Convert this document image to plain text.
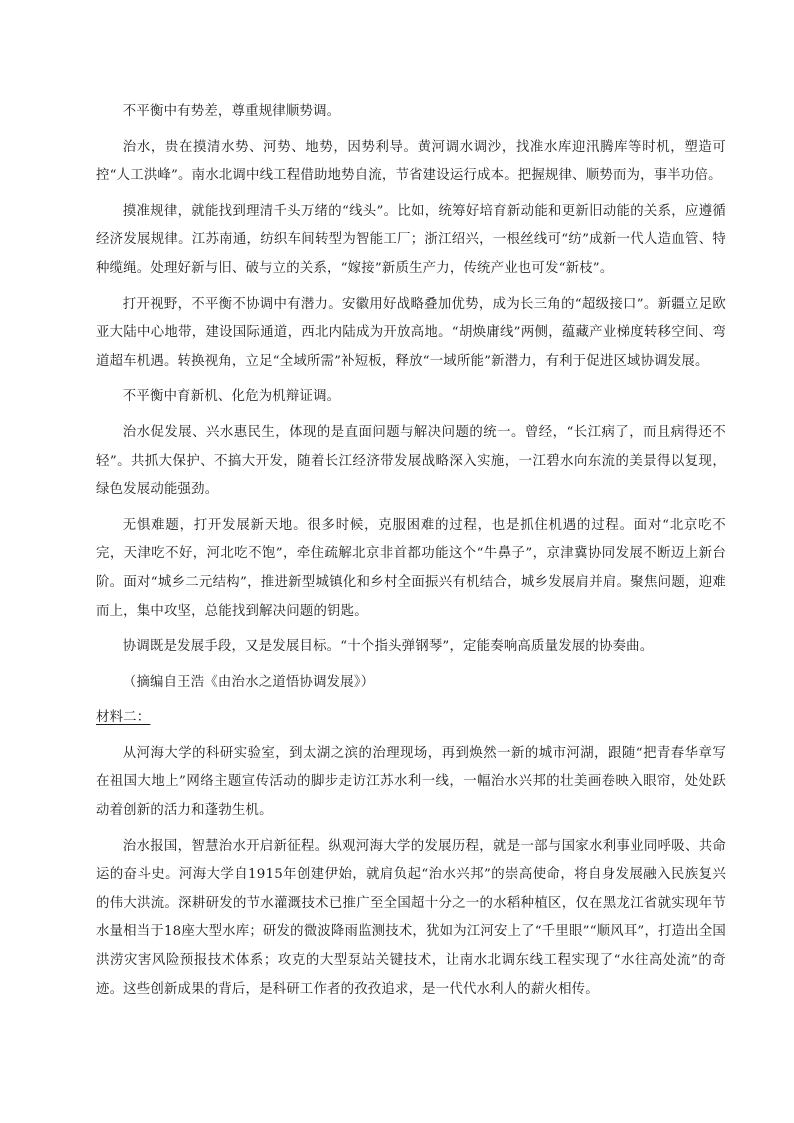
不平衡中有势差，尊重规律顺势调。

治水，贵在摸清水势、河势、地势，因势利导。黄河调水调沙，找准水库迎汛腾库等时机，塑造可控“人工洪峰”。南水北调中线工程借助地势自流，节省建设运行成本。把握规律、顺势而为，事半功倍。

摸准规律，就能找到理清千头万绪的“线头”。比如，统筹好培育新动能和更新旧动能的关系，应遵循经济发展规律。江苏南通，纺织车间转型为智能工厂；浙江绍兴，一根丝线可“纺”成新一代人造血管、特种缆绳。处理好新与旧、破与立的关系，“嫁接”新质生产力，传统产业也可发“新枝”。

打开视野，不平衡不协调中有潜力。安徽用好战略叠加优势，成为长三角的“超级接口”。新疆立足欧亚大陆中心地带，建设国际通道，西北内陆成为开放高地。“胡焕庸线”两侧，蕴藏产业梯度转移空间、弯道超车机遇。转换视角，立足“全域所需”补短板，释放“一域所能”新潜力，有利于促进区域协调发展。

不平衡中育新机、化危为机辩证调。

治水促发展、兴水惠民生，体现的是直面问题与解决问题的统一。曾经，“长江病了，而且病得还不轻”。共抓大保护、不搞大开发，随着长江经济带发展战略深入实施，一江碧水向东流的美景得以复现，绿色发展动能强劲。

无惧难题，打开发展新天地。很多时候，克服困难的过程，也是抓住机遇的过程。面对“北京吃不完，天津吃不好，河北吃不饱”，牵住疏解北京非首都功能这个“牛鼻子”，京津冀协同发展不断迈上新台阶。面对“城乡二元结构”，推进新型城镇化和乡村全面振兴有机结合，城乡发展肩并肩。聚焦问题，迎难而上，集中攻坚，总能找到解决问题的钥匙。

协调既是发展手段，又是发展目标。“十个指头弹钢琴”，定能奏响高质量发展的协奏曲。

（摘编自王浩《由治水之道悟协调发展》）

材料二：

从河海大学的科研实验室，到太湖之滨的治理现场，再到焕然一新的城市河湖，跟随“把青春华章写在祖国大地上”网络主题宣传活动的脚步走访江苏水利一线，一幅治水兴邦的壮美画卷映入眼帘，处处跃动着创新的活力和蓬勃生机。

治水报国，智慧治水开启新征程。纵观河海大学的发展历程，就是一部与国家水利事业同呼吸、共命运的奋斗史。河海大学自1915年创建伊始，就肩负起“治水兴邦”的崇高使命，将自身发展融入民族复兴的伟大洪流。深耕研发的节水灌溉技术已推广至全国超十分之一的水稻种植区，仅在黑龙江省就实现年节水量相当于18座大型水库；研发的微波降雨监测技术，犹如为江河安上了“千里眼”“顺风耳”，打造出全国洪涝灾害风险预报技术体系；攻克的大型泵站关键技术，让南水北调东线工程实现了“水往高处流”的奇迹。这些创新成果的背后，是科研工作者的孜孜追求，是一代代水利人的薪火相传。
